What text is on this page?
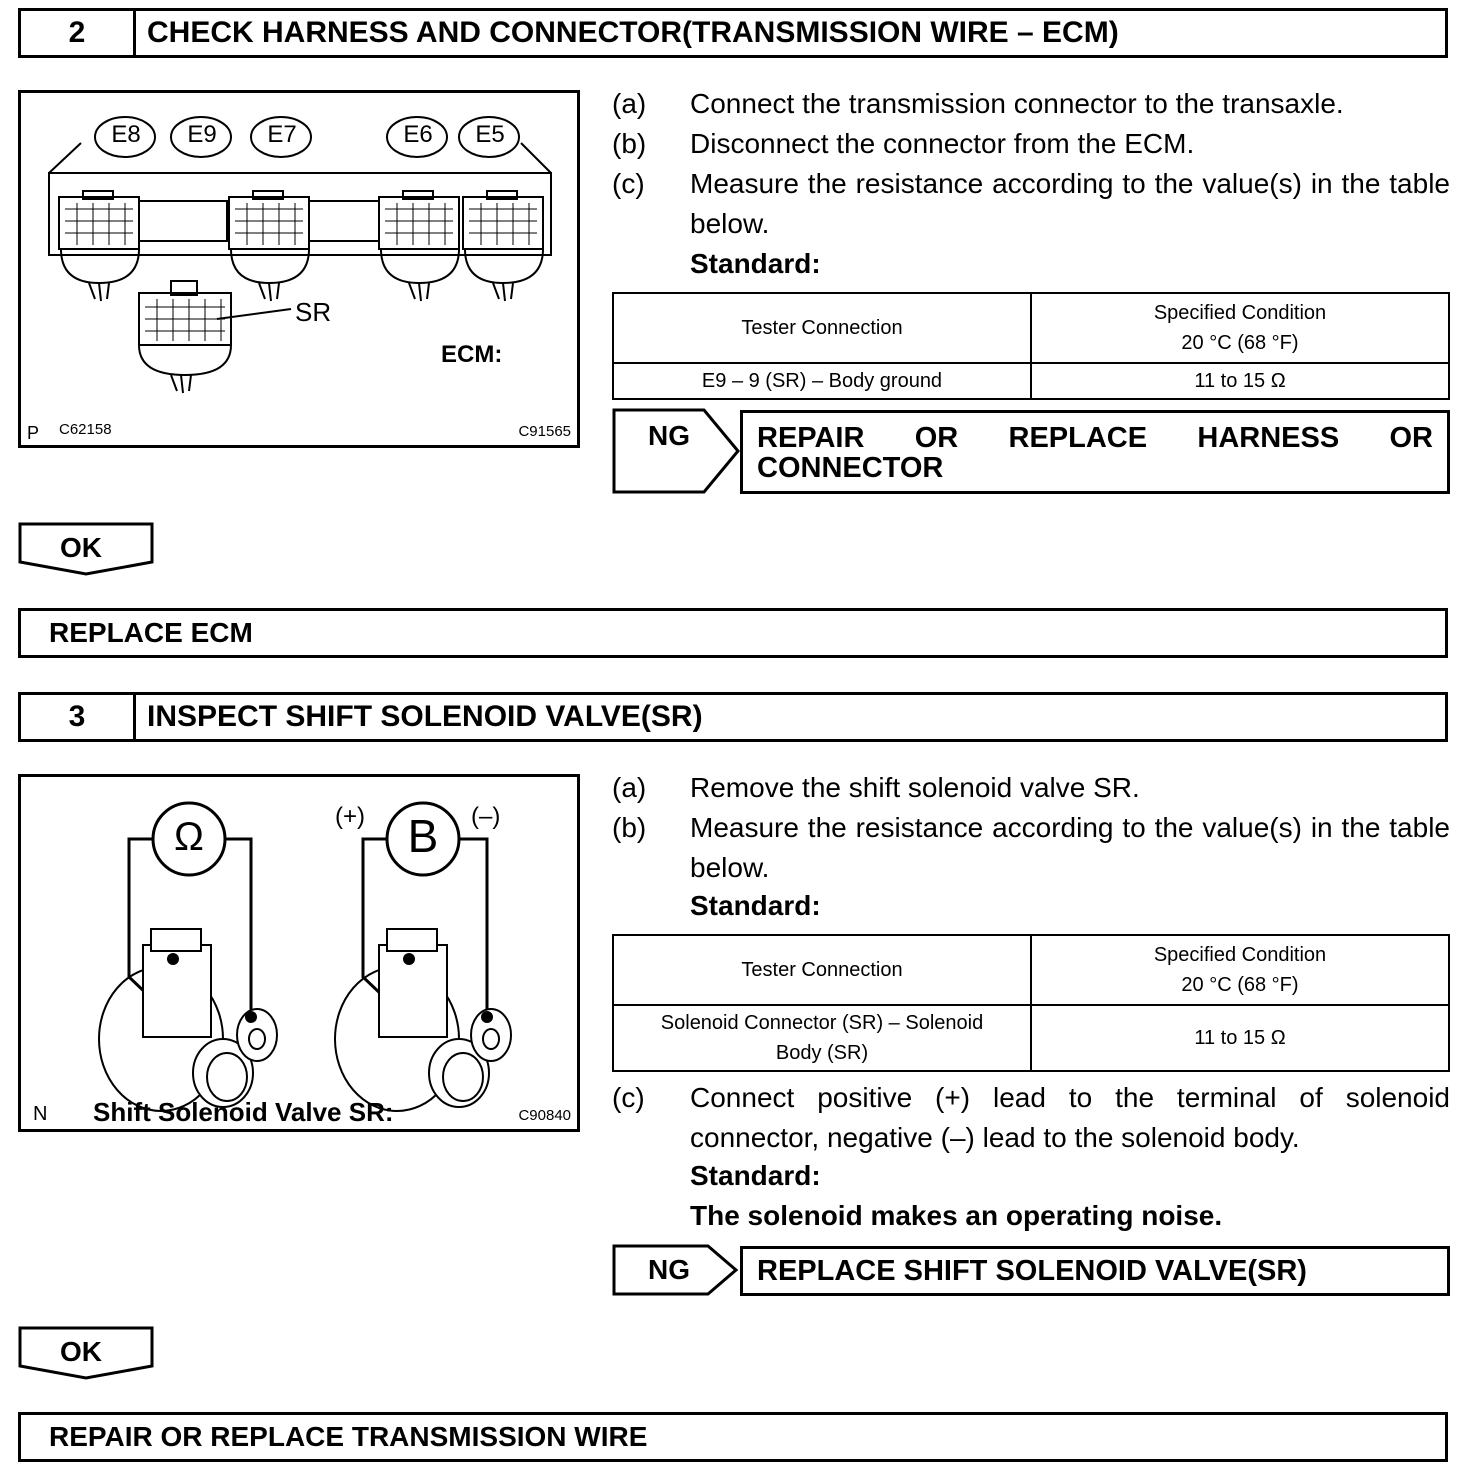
2	CHECK HARNESS AND CONNECTOR(TRANSMISSION WIRE – ECM)
E8 E9 E7	E6 E5
SR
ECM:
P C62158	C91565
(a) Connect the transmission connector to the transaxle.
(b) Disconnect the connector from the ECM.
(c) Measure the resistance according to the value(s) in the table below.
Standard:
Tester Connection	Specified Condition
20 °C (68 °F)

E9 – 9 (SR) – Body ground	11 to 15 Ω
NG REPAIR OR REPLACE HARNESS OR CONNECTOR
OK
REPLACE ECM
3	INSPECT SHIFT SOLENOID VALVE(SR)
Ω	B
(+)	(–)
N Shift Solenoid Valve SR:	C90840
(a) Remove the shift solenoid valve SR.
(b) Measure the resistance according to the value(s) in the table below.
Standard:
Tester Connection	Specified Condition
20 °C (68 °F)

Solenoid Connector (SR) – Solenoid
Body (SR)	11 to 15 Ω
(c) Connect positive (+) lead to the terminal of solenoid connector, negative (–) lead to the solenoid body.
Standard:
The solenoid makes an operating noise.
NG REPLACE SHIFT SOLENOID VALVE(SR)
OK
REPAIR OR REPLACE TRANSMISSION WIRE
